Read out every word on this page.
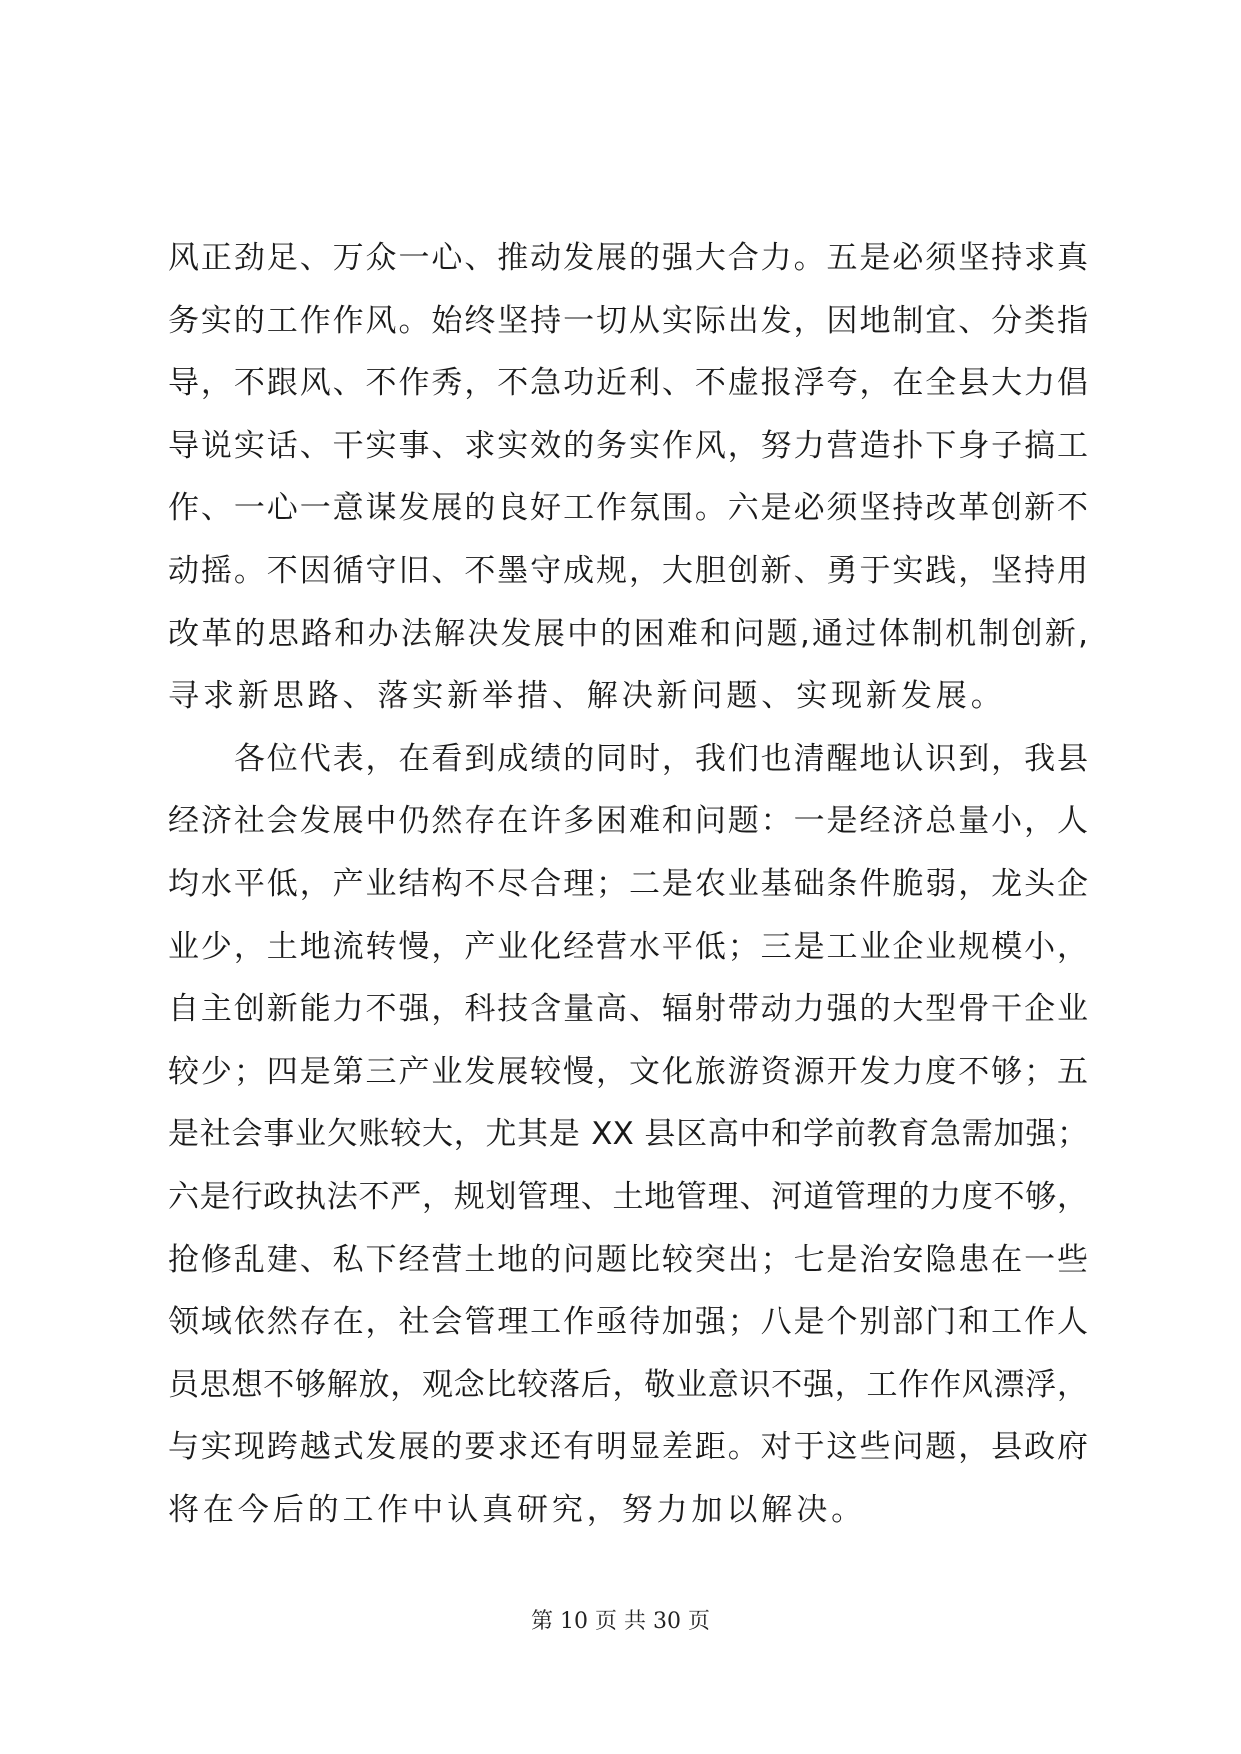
风正劲足、万众一心、推动发展的强大合力。五是必须坚持求真
务实的工作作风。始终坚持一切从实际出发，因地制宜、分类指
导，不跟风、不作秀，不急功近利、不虚报浮夸，在全县大力倡
导说实话、干实事、求实效的务实作风，努力营造扑下身子搞工
作、一心一意谋发展的良好工作氛围。六是必须坚持改革创新不
动摇。不因循守旧、不墨守成规，大胆创新、勇于实践，坚持用
改革的思路和办法解决发展中的困难和问题,通过体制机制创新,
寻求新思路、落实新举措、解决新问题、实现新发展。
　　各位代表，在看到成绩的同时，我们也清醒地认识到，我县
经济社会发展中仍然存在许多困难和问题：一是经济总量小，人
均水平低，产业结构不尽合理；二是农业基础条件脆弱，龙头企
业少，土地流转慢，产业化经营水平低；三是工业企业规模小，
自主创新能力不强，科技含量高、辐射带动力强的大型骨干企业
较少；四是第三产业发展较慢，文化旅游资源开发力度不够；五
是社会事业欠账较大，尤其是 XX 县区高中和学前教育急需加强；
六是行政执法不严，规划管理、土地管理、河道管理的力度不够，
抢修乱建、私下经营土地的问题比较突出；七是治安隐患在一些
领域依然存在，社会管理工作亟待加强；八是个别部门和工作人
员思想不够解放，观念比较落后，敬业意识不强，工作作风漂浮，
与实现跨越式发展的要求还有明显差距。对于这些问题，县政府
将在今后的工作中认真研究，努力加以解决。
第 10 页 共 30 页
